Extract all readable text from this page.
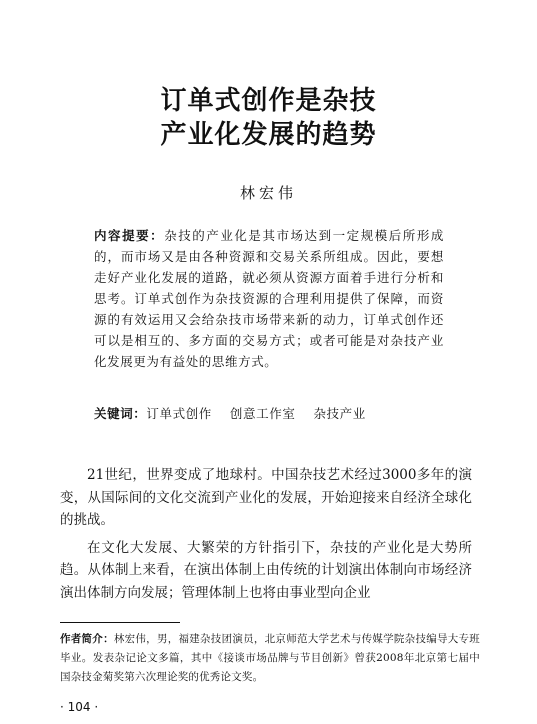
订单式创作是杂技
产业化发展的趋势
林宏伟
内容提要：杂技的产业化是其市场达到一定规模后所形成的，而市场又是由各种资源和交易关系所组成。因此，要想走好产业化发展的道路，就必须从资源方面着手进行分析和思考。订单式创作为杂技资源的合理利用提供了保障，而资源的有效运用又会给杂技市场带来新的动力，订单式创作还可以是相互的、多方面的交易方式；或者可能是对杂技产业化发展更为有益处的思维方式。
关键词：订单式创作 创意工作室 杂技产业

21世纪，世界变成了地球村。中国杂技艺术经过3000多年的演变，从国际间的文化交流到产业化的发展，开始迎接来自经济全球化的挑战。

在文化大发展、大繁荣的方针指引下，杂技的产业化是大势所趋。从体制上来看，在演出体制上由传统的计划演出体制向市场经济演出体制方向发展；管理体制上也将由事业型向企业

作者简介：林宏伟，男，福建杂技团演员，北京师范大学艺术与传媒学院杂技编导大专班毕业。发表杂记论文多篇，其中《接谈市场品牌与节目创新》曾获2008年北京第七届中国杂技金菊奖第六次理论奖的优秀论文奖。
· 104 ·
